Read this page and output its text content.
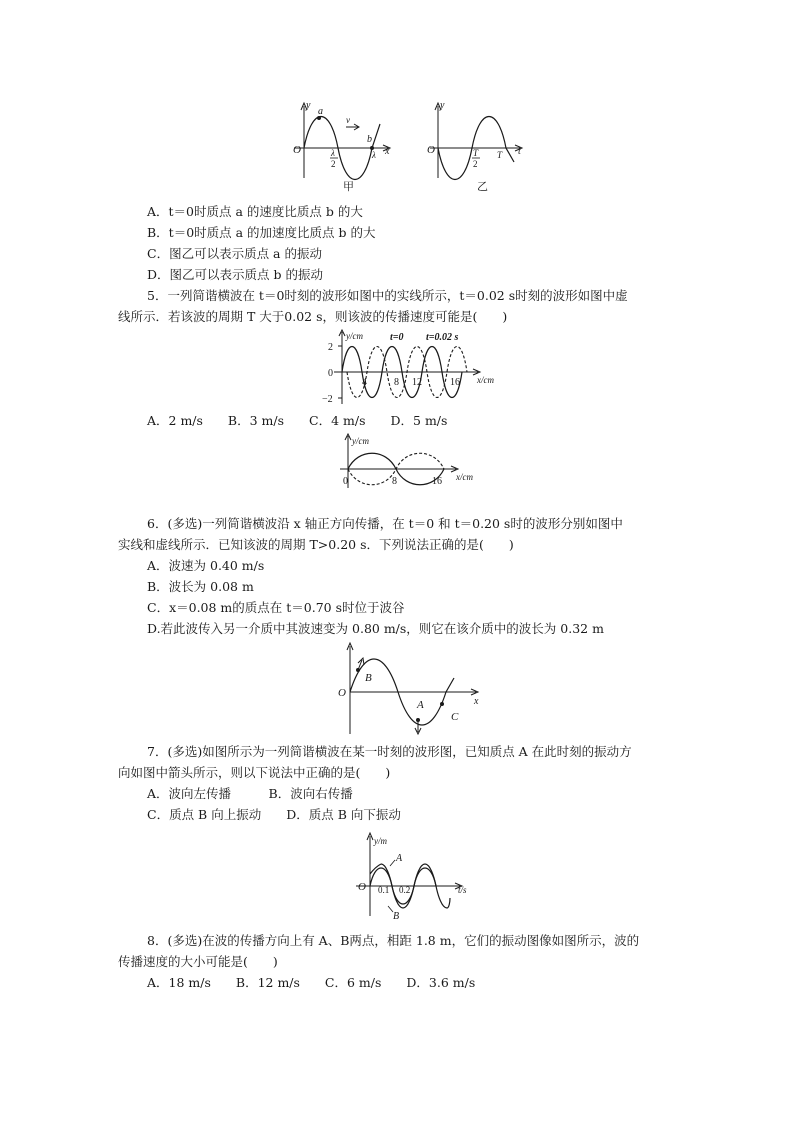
y
O
a
b
v
x
λ
2
λ
甲
y
O	T
2
T t
乙
A．t＝0时质点 a 的速度比质点 b 的大
B．t＝0时质点 a 的加速度比质点 b 的大
C．图乙可以表示质点 a 的振动
D．图乙可以表示质点 b 的振动
5．一列简谐横波在 t＝0时刻的波形如图中的实线所示，t＝0.02 s时刻的波形如图中虚
线所示．若该波的周期 T 大于0.02 s，则该波的传播速度可能是(　　)
y/cm
2
0
−2
4	8 12	16 x/cm
t=0 t=0.02 s
A．2 m/s　　B．3 m/s　　C．4 m/s　　D．5 m/s
y/cm
0	8	16 x/cm
6．(多选)一列简谐横波沿 x 轴正方向传播，在 t＝0 和 t＝0.20 s时的波形分别如图中
实线和虚线所示．已知该波的周期 T>0.20 s．下列说法正确的是(　　)
A．波速为 0.40 m/s
B．波长为 0.08 m
C．x＝0.08 m的质点在 t＝0.70 s时位于波谷
D.若此波传入另一介质中其波速变为 0.80 m/s，则它在该介质中的波长为 0.32 m
O
B
A
C
x
7．(多选)如图所示为一列简谐横波在某一时刻的波形图，已知质点 A 在此时刻的振动方
向如图中箭头所示，则以下说法中正确的是(　　)
A．波向左传播　　　B．波向右传播
C．质点 B 向上振动　　D．质点 B 向下振动
y/m
A
B
O 0.1 0.2	t/s
8．(多选)在波的传播方向上有 A、B两点，相距 1.8 m，它们的振动图像如图所示，波的
传播速度的大小可能是(　　)
A．18 m/s　　B．12 m/s　　C．6 m/s　　D．3.6 m/s
